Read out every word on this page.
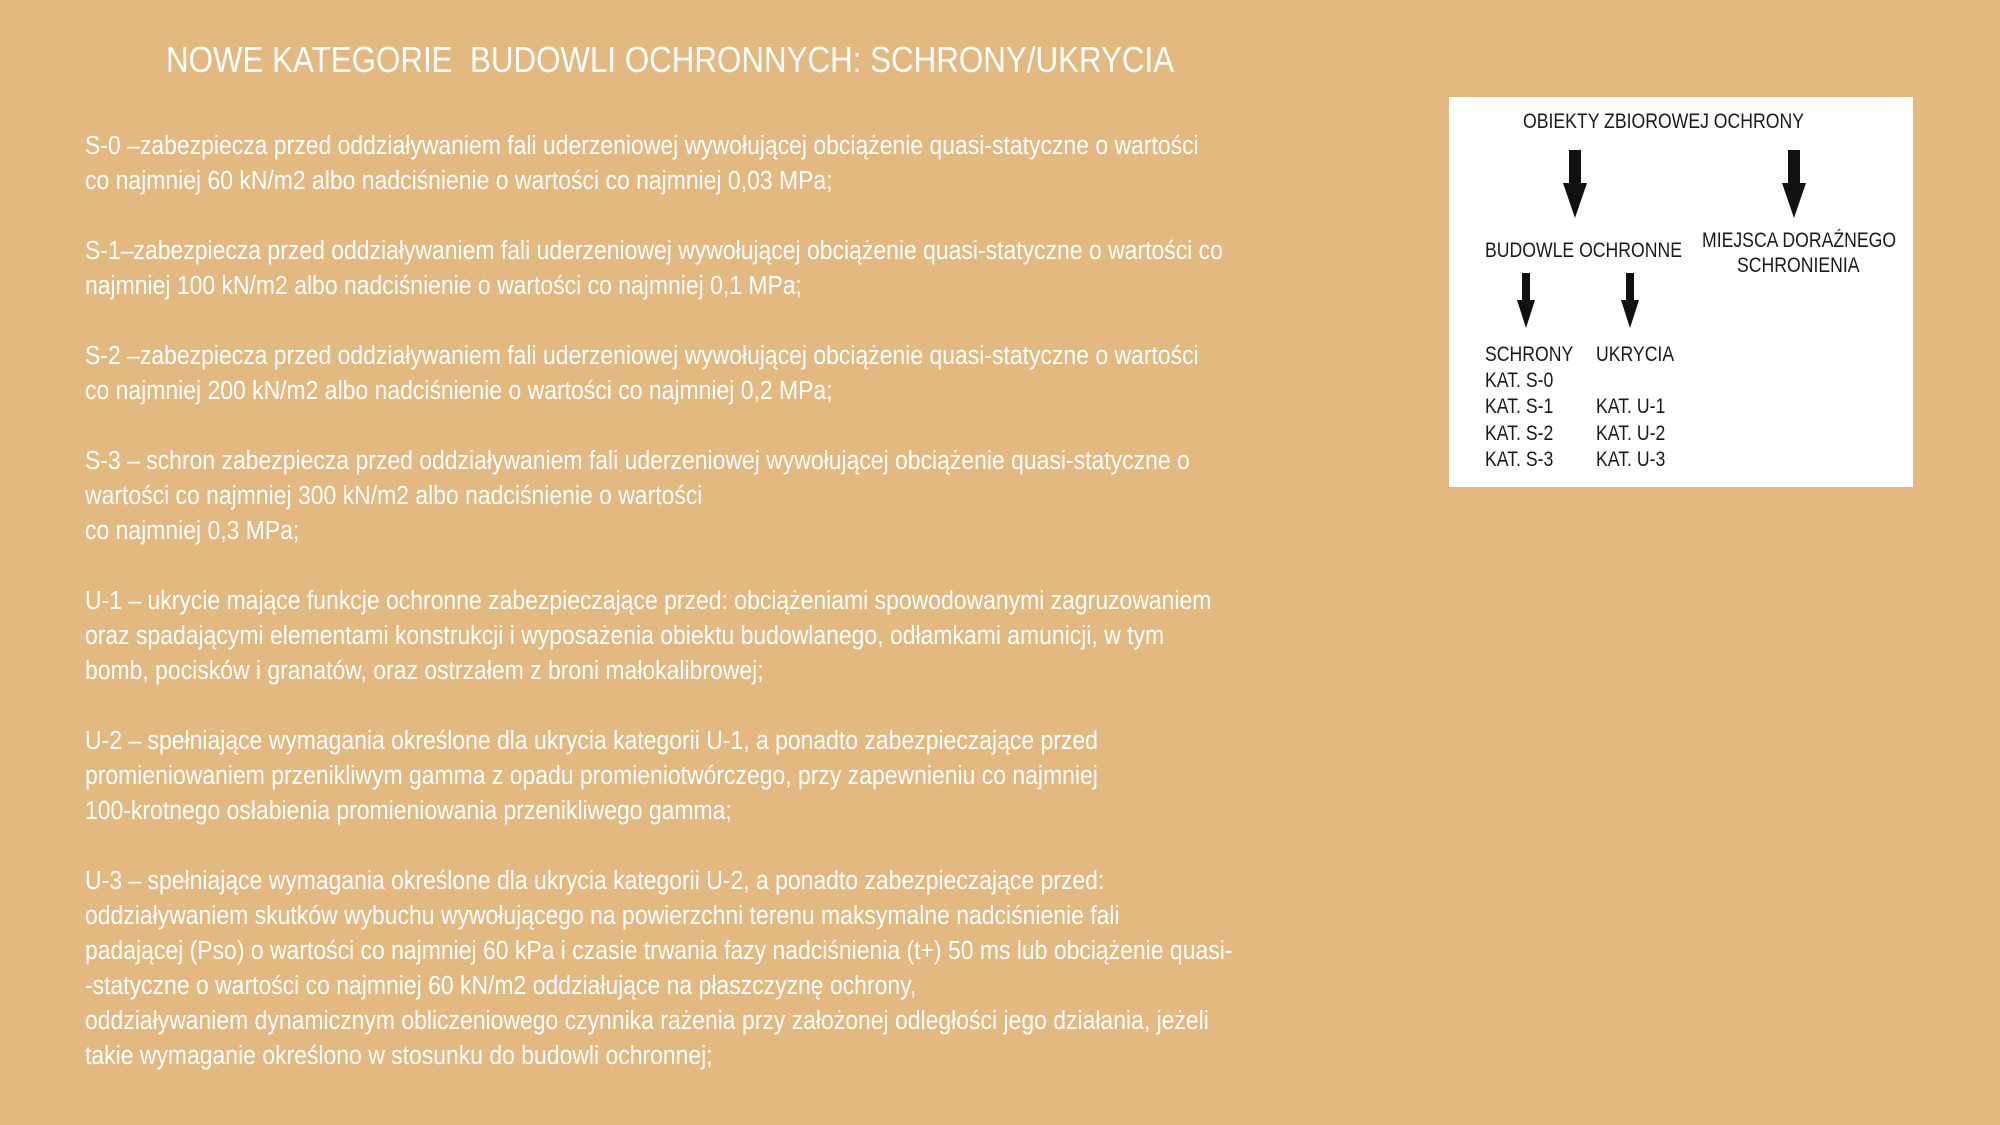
NOWE KATEGORIE  BUDOWLI OCHRONNYCH: SCHRONY/UKRYCIA
S-0 –zabezpiecza przed oddziaływaniem fali uderzeniowej wywołującej obciążenie quasi-statyczne o wartości
co najmniej 60 kN/m2 albo nadciśnienie o wartości co najmniej 0,03 MPa;
S-1–zabezpiecza przed oddziaływaniem fali uderzeniowej wywołującej obciążenie quasi-statyczne o wartości co
najmniej 100 kN/m2 albo nadciśnienie o wartości co najmniej 0,1 MPa;
S-2 –zabezpiecza przed oddziaływaniem fali uderzeniowej wywołującej obciążenie quasi-statyczne o wartości
co najmniej 200 kN/m2 albo nadciśnienie o wartości co najmniej 0,2 MPa;
S-3 – schron zabezpiecza przed oddziaływaniem fali uderzeniowej wywołującej obciążenie quasi-statyczne o
wartości co najmniej 300 kN/m2 albo nadciśnienie o wartości
co najmniej 0,3 MPa;
U-1 – ukrycie mające funkcje ochronne zabezpieczające przed: obciążeniami spowodowanymi zagruzowaniem
oraz spadającymi elementami konstrukcji i wyposażenia obiektu budowlanego, odłamkami amunicji, w tym
bomb, pocisków i granatów, oraz ostrzałem z broni małokalibrowej;
U-2 – spełniające wymagania określone dla ukrycia kategorii U-1, a ponadto zabezpieczające przed
promieniowaniem przenikliwym gamma z opadu promieniotwórczego, przy zapewnieniu co najmniej
100-krotnego osłabienia promieniowania przenikliwego gamma;
U-3 – spełniające wymagania określone dla ukrycia kategorii U-2, a ponadto zabezpieczające przed:
oddziaływaniem skutków wybuchu wywołującego na powierzchni terenu maksymalne nadciśnienie fali
padającej (Pso) o wartości co najmniej 60 kPa i czasie trwania fazy nadciśnienia (t+) 50 ms lub obciążenie quasi-
-statyczne o wartości co najmniej 60 kN/m2 oddziałujące na płaszczyznę ochrony,
oddziaływaniem dynamicznym obliczeniowego czynnika rażenia przy założonej odległości jego działania, jeżeli
takie wymaganie określono w stosunku do budowli ochronnej;
OBIEKTY ZBIOROWEJ OCHRONY
BUDOWLE OCHRONNE MIEJSCA DORAŹNEGO
SCHRONIENIA
SCHRONY
KAT. S-0
KAT. S-1
KAT. S-2
KAT. S-3
UKRYCIA
KAT. U-1
KAT. U-2
KAT. U-3
